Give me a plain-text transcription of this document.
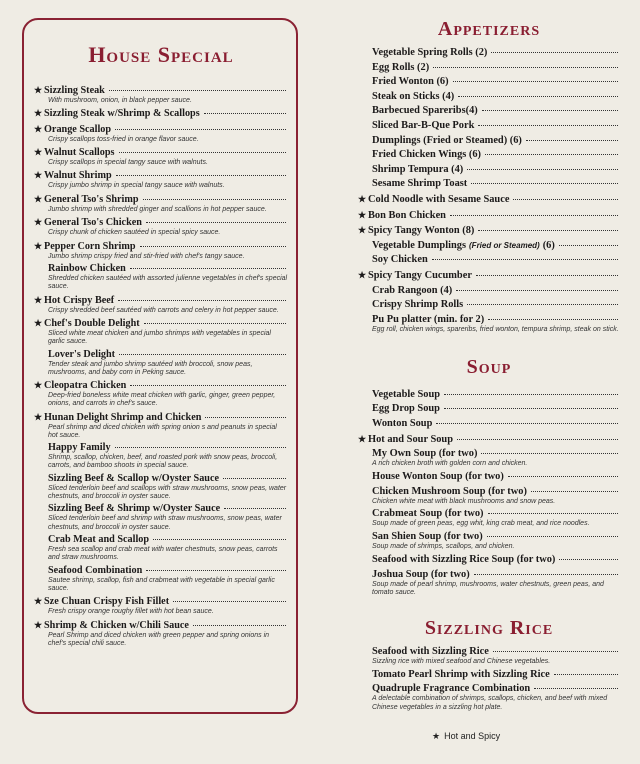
House Special
★ Sizzling Steak
With mushroom, onion, in black pepper sauce.
★ Sizzling Steak w/Shrimp & Scallops
★ Orange Scallop
Crispy scallops toss-fried in orange flavor sauce.
★ Walnut Scallops
Crispy scallops in special tangy sauce with walnuts.
★ Walnut Shrimp
Crispy jumbo shrimp in special tangy sauce with walnuts.
★ General Tso's Shrimp
Jumbo shrimp with shredded ginger and scallions in hot pepper sauce.
★ General Tso's Chicken
Crispy chunk of chicken sautéed in special spicy sauce.
★ Pepper Corn Shrimp
Jumbo shrimp crispy fried and stir-fried with chef's tangy sauce.
Rainbow Chicken
Shredded chicken sautéed with assorted julienne vegetables in chef's special sauce.
★ Hot Crispy Beef
Crispy shredded beef sautéed with carrots and celery in hot pepper sauce.
★ Chef's Double Delight
Sliced white meat chicken and jumbo shrimps with vegetables in special garlic sauce.
Lover's Delight
Tender steak and jumbo shrimp sautéed with broccoli, snow peas, mushrooms, and baby corn in Peking sauce.
★ Cleopatra Chicken
Deep-fried boneless white meat chicken with garlic, ginger, green pepper, onions, and carrots in chef's sauce.
★ Hunan Delight Shrimp and Chicken
Pearl shrimp and diced chicken with spring onion s and peanuts in special hot sauce.
Happy Family
Shrimp, scallop, chicken, beef, and roasted pork with snow peas, broccoli, carrots, and bamboo shoots in special sauce.
Sizzling Beef & Scallop w/Oyster Sauce
Sliced tenderloin beef and scallops with straw mushrooms, snow peas, water chestnuts, and broccoli in oyster sauce.
Sizzling Beef & Shrimp w/Oyster Sauce
Sliced tenderloin beef and shrimp with straw mushrooms, snow peas, water chestnuts, and broccoli in oyster sauce.
Crab Meat and Scallop
Fresh sea scallop and crab meat with water chestnuts, snow peas, carrots and straw mushrooms.
Seafood Combination
Sautee shrimp, scallop, fish and crabmeat with vegetable in special garlic sauce.
★ Sze Chuan Crispy Fish Fillet
Fresh crispy orange roughy fillet with hot bean sauce.
★ Shrimp & Chicken w/Chili Sauce
Pearl Shrimp and diced chicken with green pepper and spring onions in chef's special chili sauce.
Appetizers
Vegetable Spring Rolls (2)
Egg Rolls (2)
Fried Wonton (6)
Steak on Sticks (4)
Barbecued Spareribs(4)
Sliced Bar-B-Que Pork
Dumplings (Fried or Steamed) (6)
Fried Chicken Wings (6)
Shrimp Tempura (4)
Sesame Shrimp Toast
★ Cold Noodle with Sesame Sauce
★ Bon Bon Chicken
★ Spicy Tangy Wonton (8)
Vegetable Dumplings (Fried or Steamed) (6)
Soy Chicken
★ Spicy Tangy Cucumber
Crab Rangoon (4)
Crispy Shrimp Rolls
Pu Pu platter (min. for 2)
Egg roll, chicken wings, spareribs, fried wonton, tempura shrimp, steak on stick.
Soup
Vegetable Soup
Egg Drop Soup
Wonton Soup
★ Hot and Sour Soup
My Own Soup (for two)
A rich chicken broth with golden corn and chicken.
House Wonton Soup (for two)
Chicken Mushroom Soup (for two)
Chicken white meat with black mushrooms and snow peas.
Crabmeat Soup (for two)
Soup made of green peas, egg whit, king crab meat, and rice noodles.
San Shien Soup (for two)
Soup made of shrimps, scallops, and chicken.
Seafood with Sizzling Rice Soup (for two)
Joshua Soup (for two)
Soup made of pearl shrimp, mushrooms, water chestnuts, green peas, and tomato sauce.
Sizzling Rice
Seafood with Sizzling Rice
Sizzling rice with mixed seafood and Chinese vegetables.
Tomato Pearl Shrimp with Sizzling Rice
Quadruple Fragrance Combination
A delectable combination of shrimps, scallops, chicken, and beef with mixed Chinese vegetables in a sizzling hot plate.
★ Hot and Spicy
